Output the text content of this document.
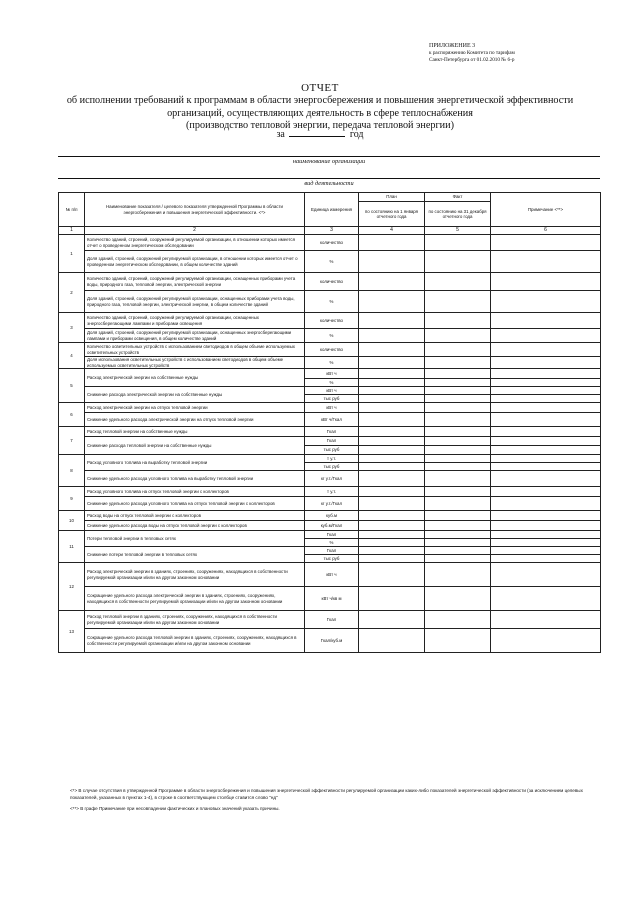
ПРИЛОЖЕНИЕ 3
к распоряжению Комитета по тарифам
Санкт-Петербурга от 01.02.2010 № 6-р
ОТЧЕТ
об исполнении требований к программам в области энергосбережения и повышения энергетической эффективности
организаций, осуществляющих деятельность в сфере теплоснабжения
(производство тепловой энергии, передача тепловой энергии)
за	год
наименование организации
вид деятельности
№ п/п	Наименование показателя / целевого показателя утвержденной Программы в области энергосбережения и повышения энергетической эффективности. <*>	Единица измерения	План	Факт	Примечание <**>
			по состоянию на 1 января отчетного года	по состоянию на 31 декабря отчетного года	
1	2	3	4	5	6
1	Количество зданий, строений, сооружений регулируемой организации, в отношении которых имеется отчет о проведенном энергетическом обследовании	количество			
	Доля зданий, строений, сооружений регулируемой организации, в отношении которых имеется отчет о проведенном энергетическом обследовании, в общем количестве зданий	%			
2	Количество зданий, строений, сооружений регулируемой организации, оснащенных приборами учета воды, природного газа, тепловой энергии, электрической энергии	количество			
	Доля зданий, строений, сооружений регулируемой организации, оснащенных приборами учета воды, природного газа, тепловой энергии, электрической энергии, в общем количестве зданий	%			
3	Количество зданий, строений, сооружений регулируемой организации, оснащенных энергосберегающими лампами и приборами освещения	количество			
	Доля зданий, строений, сооружений регулируемой организации, оснащенных энергосберегающими лампами и приборами освещения, в общем количестве зданий	%			
4	Количество осветительных устройств с использованием светодиодов в общем объеме используемых осветительных устройств	количество			
	Доля использования осветительных устройств с использованием светодиодов в общем объеме используемых осветительных устройств	%			
5	Расход электрической энергии на собственные нужды	кВт ч			
		%			
	Снижение расхода электрической энергии на собственные нужды	кВт ч			
		тыс руб			
6	Расход электрической энергии на отпуск тепловой энергии	кВт ч			
	Снижение удельного расхода электрической энергии на отпуск тепловой энергии	кВт ч/Гкал			
7	Расход тепловой энергии на собственные нужды	Гкал			
	Снижение расхода тепловой энергии на собственные нужды	Гкал			
		тыс руб			
8	Расход условного топлива на выработку тепловой энергии	т у.т.			
		тыс руб			
	Снижение удельного расхода условного топлива на выработку тепловой энергии	кг у.т./Гкал			
9	Расход условного топлива на отпуск тепловой энергии с коллекторов	т у.т.			
	Снижение удельного расхода условного топлива на отпуск тепловой энергии с коллекторов	кг у.т./Гкал			
10	Расход воды на отпуск тепловой энергии с коллекторов	куб.м			
	Снижение удельного расхода воды на отпуск тепловой энергии с коллекторов	куб.м/Гкал			
11	Потери тепловой энергии в тепловых сетях	Гкал			
		%			
	Снижение потери тепловой энергии в тепловых сетях	Гкал			
		тыс руб			
12	Расход электрической энергии в зданиях, строениях, сооружениях, находящихся в собственности регулируемой организации и/или на другом законном основании	кВт ч			
	Сокращение удельного расхода электрической энергии в зданиях, строениях, сооружениях, находящихся в собственности регулируемой организации и/или на другом законном основании	кВт ч/кв м			
13	Расход тепловой энергии в зданиях, строениях, сооружениях, находящихся в собственности регулируемой организации и/или на другом законном основании	Гкал			
	Сокращение удельного расхода тепловой энергии в зданиях, строениях, сооружениях, находящихся в собственности регулируемой организации и/или на другом законном основании	Гкал/куб.м			

<*> В случае отсутствия в утвержденной Программе в области энергосбережения и повышения энергетической эффективности регулируемой организации каких-либо показателей энергетической эффективности (за исключением целевых показателей, указанных в пунктах 1-4), в строке в соответствующем столбце ставится слово "нд"

<**> В графе Примечание при несовпадении фактических и плановых значений указать причины.
